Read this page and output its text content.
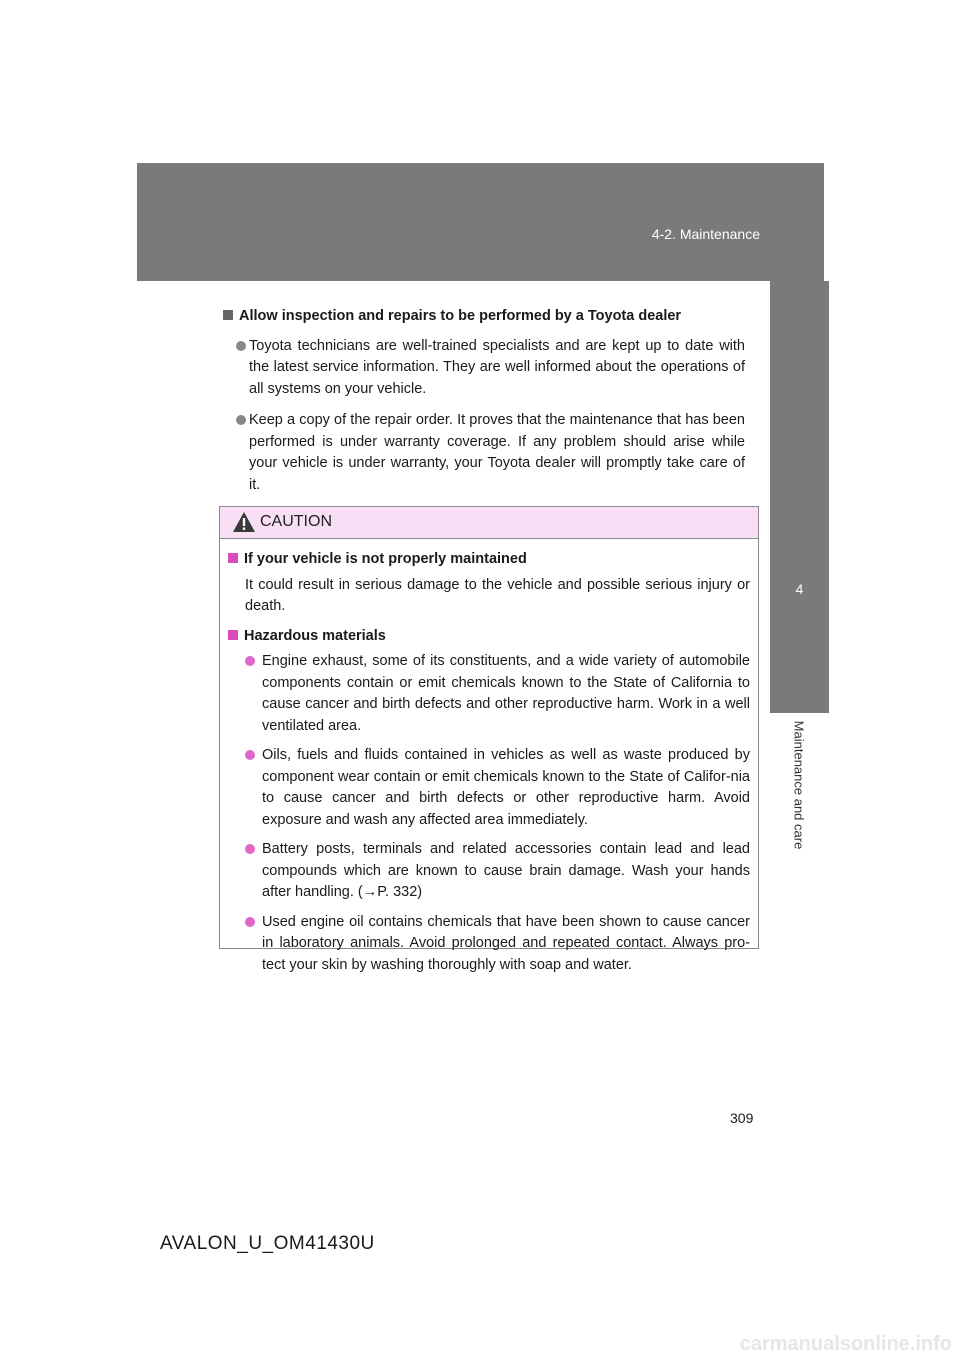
4-2. Maintenance
4
Maintenance and care
Allow inspection and repairs to be performed by a Toyota dealer
Toyota technicians are well-trained specialists and are kept up to date with the latest service information. They are well informed about the operations of all systems on your vehicle.
Keep a copy of the repair order. It proves that the maintenance that has been performed is under warranty coverage. If any problem should arise while your vehicle is under warranty, your Toyota dealer will promptly take care of it.
CAUTION
If your vehicle is not properly maintained
It could result in serious damage to the vehicle and possible serious injury or death.
Hazardous materials
Engine exhaust, some of its constituents, and a wide variety of automobile components contain or emit chemicals known to the State of California to cause cancer and birth defects and other reproductive harm. Work in a well ventilated area.
Oils, fuels and fluids contained in vehicles as well as waste produced by component wear contain or emit chemicals known to the State of Califor-nia to cause cancer and birth defects or other reproductive harm. Avoid exposure and wash any affected area immediately.
Battery posts, terminals and related accessories contain lead and lead compounds which are known to cause brain damage. Wash your hands after handling. (→P. 332)
Used engine oil contains chemicals that have been shown to cause cancer in laboratory animals. Avoid prolonged and repeated contact. Always pro-tect your skin by washing thoroughly with soap and water.
309
AVALON_U_OM41430U
carmanualsonline.info
